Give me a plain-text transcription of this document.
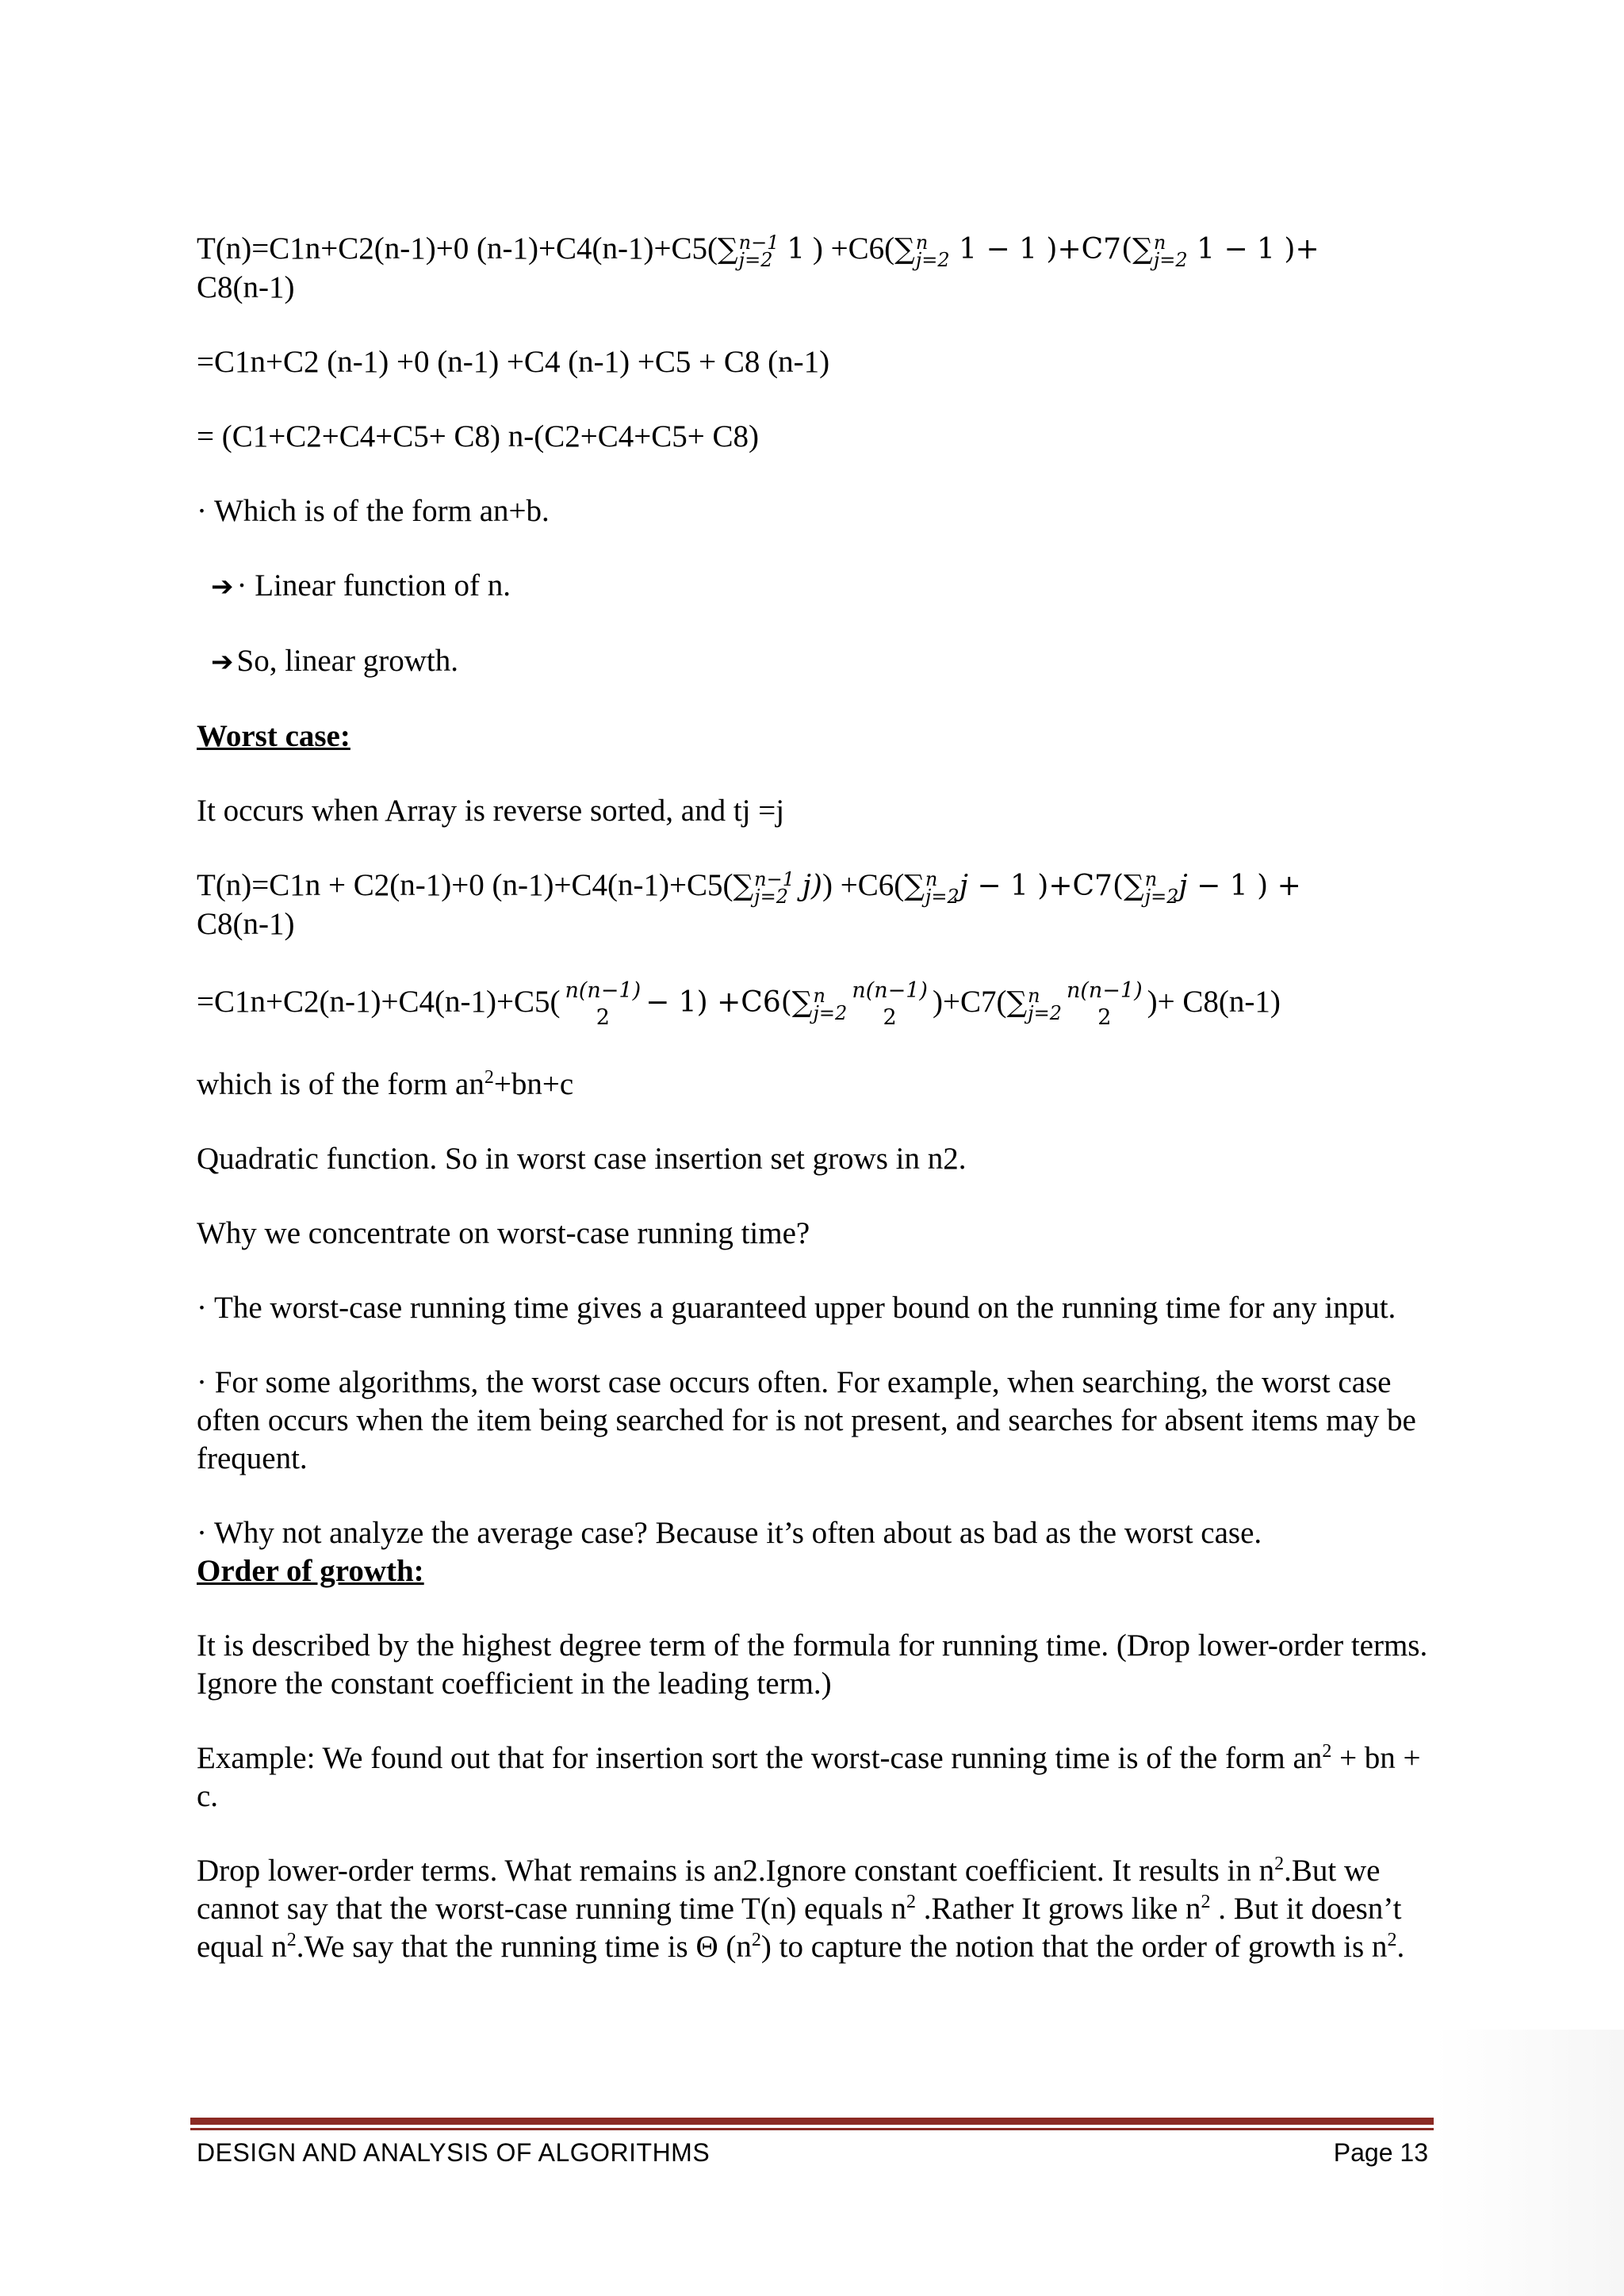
T(n)=C1n+C2(n-1)+0 (n-1)+C4(n-1)+C5(∑ n−1
j=2 1 ) +C6(∑ n
j=2 1 − 1 )+C7(∑ n
j=2 1 − 1 )+
C8(n-1)

=C1n+C2 (n-1) +0 (n-1) +C4 (n-1) +C5 + C8 (n-1)

= (C1+C2+C4+C5+ C8) n-(C2+C4+C5+ C8)

· Which is of the form an+b.

➔ · Linear function of n.

➔ So, linear growth.

Worst case:

It occurs when Array is reverse sorted, and tj =j

T(n)=C1n + C2(n-1)+0 (n-1)+C4(n-1)+C5(∑ n−1
j=2 j)) +C6(∑ n
j=2 j − 1 )+C7(∑ n
j=2 j − 1 ) +
C8(n-1)

=C1n+C2(n-1)+C4(n-1)+C5( n(n−1)
2 − 1) +C6(∑ n
j=2
n(n−1)
2 )+C7(∑ n
j=2
n(n−1)
2 )+ C8(n-1)

which is of the form $an^2+bn+c$

Quadratic function. So in worst case insertion set grows in n2.

Why we concentrate on worst-case running time?

· The worst-case running time gives a guaranteed upper bound on the running time for any input.

· For some algorithms, the worst case occurs often. For example, when searching, the worst case often occurs when the item being searched for is not present, and searches for absent items may be frequent.

· Why not analyze the average case? Because it’s often about as bad as the worst case.

Order of growth:

It is described by the highest degree term of the formula for running time. (Drop lower-order terms. Ignore the constant coefficient in the leading term.)

Example: We found out that for insertion sort the worst-case running time is of the form $an^2$ + bn + c.

Drop lower-order terms. What remains is an2.Ignore constant coefficient. It results in $n^2.But$ we cannot say that the worst-case running time T(n) equals $n^2$ .Rather It grows like $n^2$ . But it doesn’t equal $n^2.We$ say that the running time is Θ $(n^2)$ to capture the notion that the order of growth is $n^2$.

DESIGN AND ANALYSIS OF ALGORITHMS	Page 13
